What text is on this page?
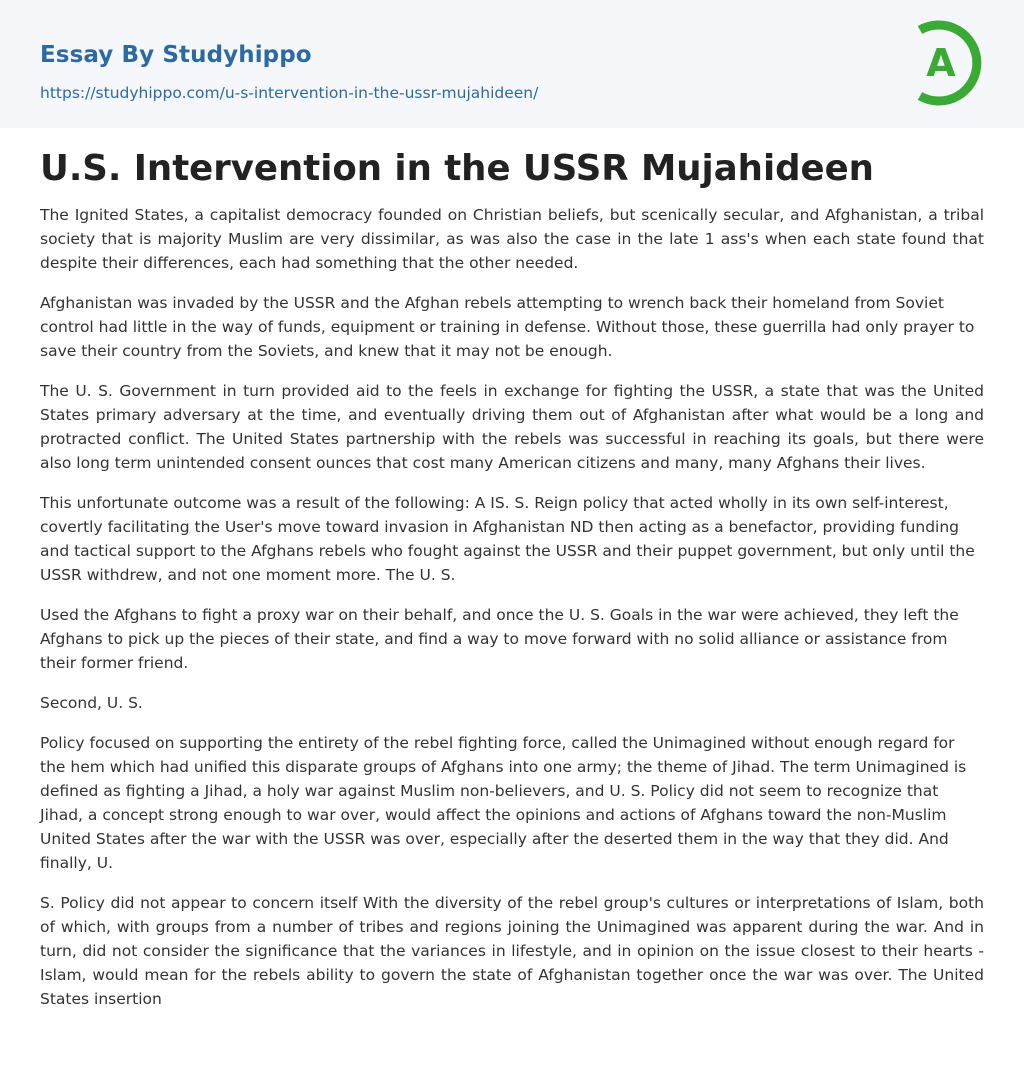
Essay By Studyhippo
https://studyhippo.com/u-s-intervention-in-the-ussr-mujahideen/
A
U.S. Intervention in the USSR Mujahideen

The Ignited States, a capitalist democracy founded on Christian beliefs, but scenically secular, and Afghanistan, a tribal society that is majority Muslim are very dissimilar, as was also the case in the late 1 ass's when each state found that despite their differences, each had something that the other needed.

Afghanistan was invaded by the USSR and the Afghan rebels attempting to wrench back their homeland from Soviet control had little in the way of funds, equipment or training in defense. Without those, these guerrilla had only prayer to save their country from the Soviets, and knew that it may not be enough.

The U. S. Government in turn provided aid to the feels in exchange for fighting the USSR, a state that was the United States primary adversary at the time, and eventually driving them out of Afghanistan after what would be a long and protracted conflict. The United States partnership with the rebels was successful in reaching its goals, but there were also long term unintended consent ounces that cost many American citizens and many, many Afghans their lives.

This unfortunate outcome was a result of the following: A IS. S. Reign policy that acted wholly in its own self-interest, covertly facilitating the User's move toward invasion in Afghanistan ND then acting as a benefactor, providing funding and tactical support to the Afghans rebels who fought against the USSR and their puppet government, but only until the USSR withdrew, and not one moment more. The U. S.

Used the Afghans to fight a proxy war on their behalf, and once the U. S. Goals in the war were achieved, they left the Afghans to pick up the pieces of their state, and find a way to move forward with no solid alliance or assistance from their former friend.

Second, U. S.

Policy focused on supporting the entirety of the rebel fighting force, called the Unimagined without enough regard for the hem which had unified this disparate groups of Afghans into one army; the theme of Jihad. The term Unimagined is defined as fighting a Jihad, a holy war against Muslim non-believers, and U. S. Policy did not seem to recognize that Jihad, a concept strong enough to war over, would affect the opinions and actions of Afghans toward the non-Muslim United States after the war with the USSR was over, especially after the deserted them in the way that they did. And finally, U.

S. Policy did not appear to concern itself With the diversity of the rebel group's cultures or interpretations of Islam, both of which, with groups from a number of tribes and regions joining the Unimagined was apparent during the war. And in turn, did not consider the significance that the variances in lifestyle, and in opinion on the issue closest to their hearts - Islam, would mean for the rebels ability to govern the state of Afghanistan together once the war was over. The United States insertion
